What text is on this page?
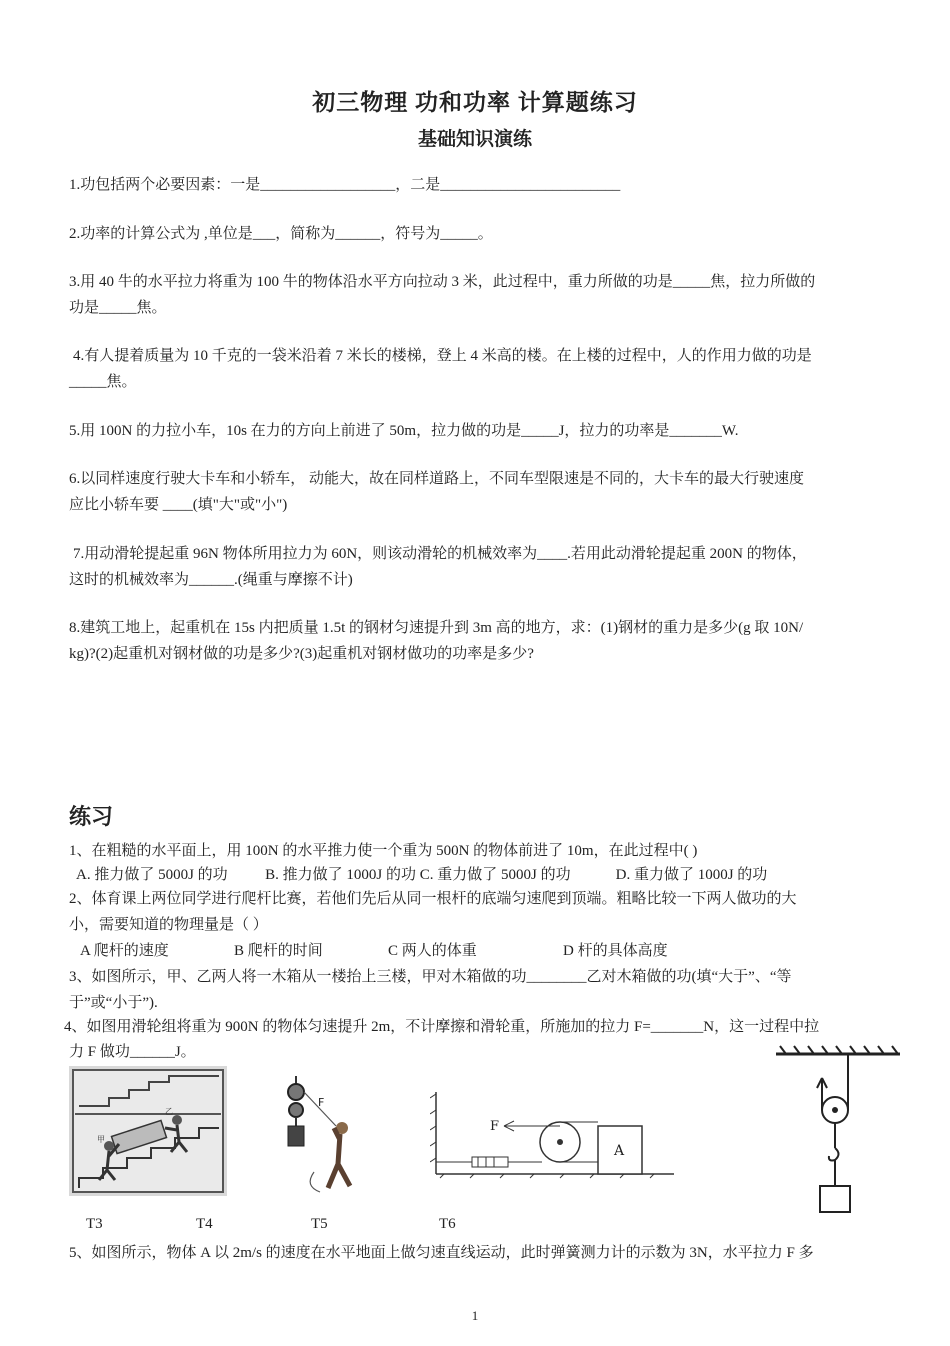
初三物理 功和功率 计算题练习
基础知识演练
1.功包括两个必要因素：一是__________________，二是________________________
2.功率的计算公式为 ,单位是___，简称为______，符号为_____。
3.用 40 牛的水平拉力将重为 100 牛的物体沿水平方向拉动 3 米，此过程中，重力所做的功是_____焦，拉力所做的
功是_____焦。
4.有人提着质量为 10 千克的一袋米沿着 7 米长的楼梯，登上 4 米高的楼。在上楼的过程中，人的作用力做的功是
_____焦。
5.用 100N 的力拉小车，10s 在力的方向上前进了 50m，拉力做的功是_____J，拉力的功率是_______W.
6.以同样速度行驶大卡车和小轿车， 动能大，故在同样道路上，不同车型限速是不同的，大卡车的最大行驶速度
应比小轿车要 ____(填"大"或"小")
7.用动滑轮提起重 96N 物体所用拉力为 60N，则该动滑轮的机械效率为____.若用此动滑轮提起重 200N 的物体，
这时的机械效率为______.(绳重与摩擦不计)
8.建筑工地上，起重机在 15s 内把质量 1.5t 的钢材匀速提升到 3m 高的地方，求：(1)钢材的重力是多少(g 取 10N/
kg)?(2)起重机对钢材做的功是多少?(3)起重机对钢材做功的功率是多少?
练习
1、在粗糙的水平面上，用 100N 的水平推力使一个重为 500N 的物体前进了 10m，在此过程中( )
A. 推力做了 5000J 的功          B. 推力做了 1000J 的功 C. 重力做了 5000J 的功            D. 重力做了 1000J 的功
2、体育课上两位同学进行爬杆比赛，若他们先后从同一根杆的底端匀速爬到顶端。粗略比较一下两人做功的大
小，需要知道的物理量是（ ）
A 爬杆的速度	B 爬杆的时间	C 两人的体重	D 杆的具体高度
3、如图所示，甲、乙两人将一木箱从一楼抬上三楼，甲对木箱做的功________乙对木箱做的功(填“大于”、“等
于”或“小于”).
4、如图用滑轮组将重为 900N 的物体匀速提升 2m，不计摩擦和滑轮重，所施加的拉力 F=_______N，这一过程中拉
力 F 做功______J。
甲
乙
F
F
A
T3	T4	T5	T6
5、如图所示，物体 A 以 2m/s 的速度在水平地面上做匀速直线运动，此时弹簧测力计的示数为 3N，水平拉力 F 多
1
